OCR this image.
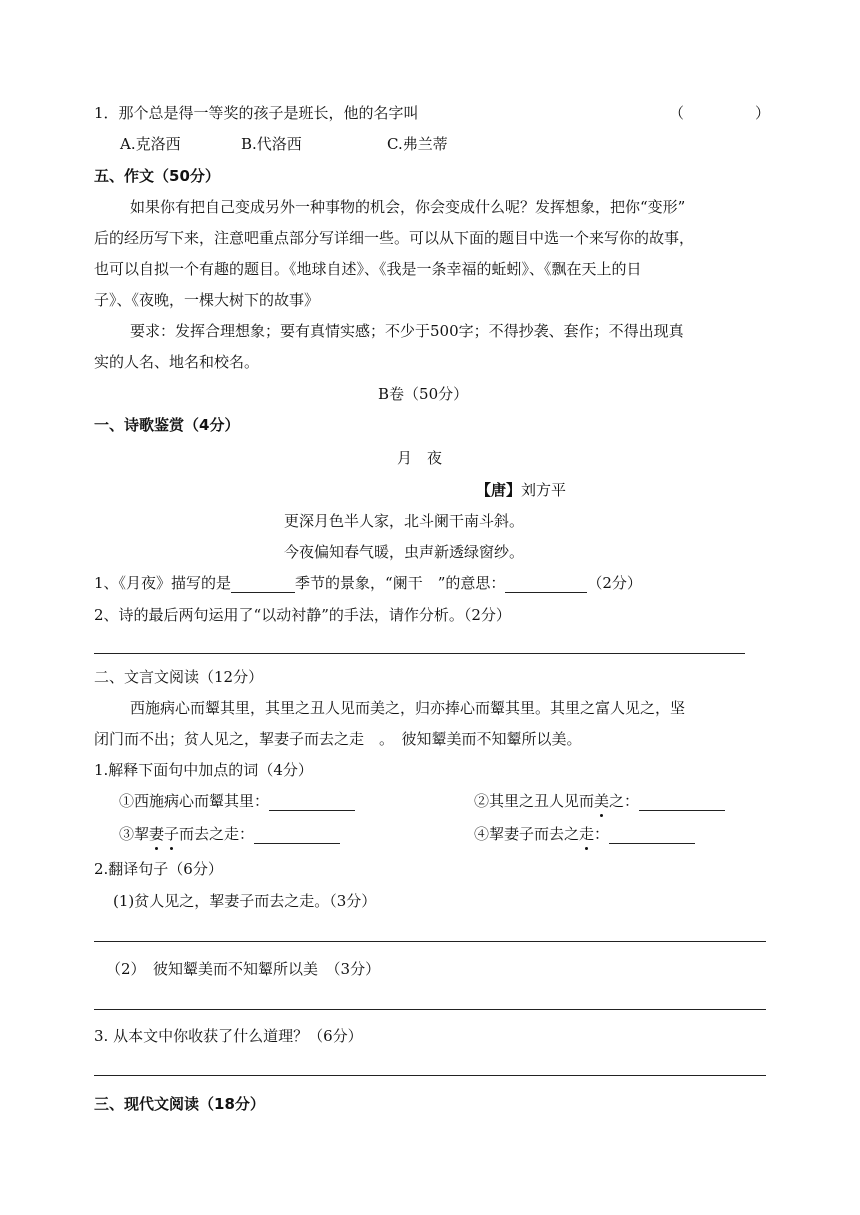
1．那个总是得一等奖的孩子是班长，他的名字叫	（	）
A.克洛西	B.代洛西	C.弗兰蒂
五、作文（50分）
如果你有把自己变成另外一种事物的机会，你会变成什么呢？发挥想象，把你“变形”
后的经历写下来，注意吧重点部分写详细一些。可以从下面的题目中选一个来写你的故事，
也可以自拟一个有趣的题目。《地球自述》、《我是一条幸福的蚯蚓》、《飘在天上的日
子》、《夜晚，一棵大树下的故事》
要求：发挥合理想象；要有真情实感；不少于500字；不得抄袭、套作；不得出现真
实的人名、地名和校名。
B卷（50分）
一、诗歌鉴赏（4分）
月　夜
【唐】刘方平
更深月色半人家，北斗阑干南斗斜。
今夜偏知春气暖，虫声新透绿窗纱。
1、《月夜》描写的是	季节的景象，“阑干　”的意思：	（2分）
2、诗的最后两句运用了“以动衬静”的手法，请作分析。（2分）
二、文言文阅读（12分）
西施病心而颦其里，其里之丑人见而美之，归亦捧心而颦其里。其里之富人见之，坚
闭门而不出；贫人见之，挈妻子而去之走　。　彼知颦美而不知颦所以美。
1.解释下面句中加点的词（4分）
①西施病心而颦其里：	②其里之丑人见而美之：
③挈妻子而去之走：	④挈妻子而去之走：
2.翻译句子（6分）
(1)贫人见之，挈妻子而去之走。（3分）
（2）　彼知颦美而不知颦所以美　（3分）
3. 从本文中你收获了什么道理？（6分）
三、现代文阅读（18分）
